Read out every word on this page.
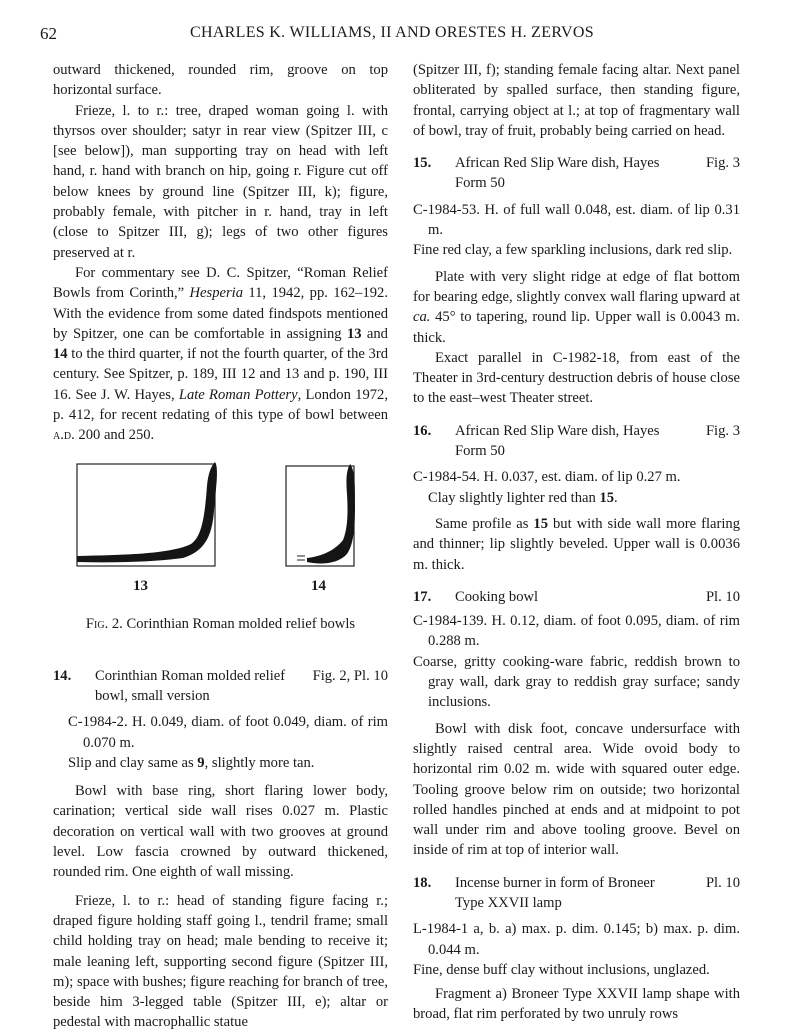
62	CHARLES K. WILLIAMS, II AND ORESTES H. ZERVOS

outward thickened, rounded rim, groove on top horizontal surface.

Frieze, l. to r.: tree, draped woman going l. with thyrsos over shoulder; satyr in rear view (Spitzer III, c [see below]), man supporting tray on head with left hand, r. hand with branch on hip, going r. Figure cut off below knees by ground line (Spitzer III, k); figure, probably female, with pitcher in r. hand, tray in left (close to Spitzer III, g); legs of two other figures preserved at r.

For commentary see D. C. Spitzer, “Roman Relief Bowls from Corinth,” Hesperia 11, 1942, pp. 162–192. With the evidence from some dated findspots mentioned by Spitzer, one can be comfortable in assigning 13 and 14 to the third quarter, if not the fourth quarter, of the 3rd century. See Spitzer, p. 189, III 12 and 13 and p. 190, III 16. See J. W. Hayes, Late Roman Pottery, London 1972, p. 412, for recent redating of this type of bowl between a.d. 200 and 250.

13	14
Fig. 2. Corinthian Roman molded relief bowls
14. Corinthian Roman molded relief bowl, small version
Fig. 2, Pl. 10

C-1984-2. H. 0.049, diam. of foot 0.049, diam. of rim 0.070 m.

Slip and clay same as 9, slightly more tan.

Bowl with base ring, short flaring lower body, carination; vertical side wall rises 0.027 m. Plastic decoration on vertical wall with two grooves at ground level. Low fascia crowned by outward thickened, rounded rim. One eighth of wall missing.

Frieze, l. to r.: head of standing figure facing r.; draped figure holding staff going l., tendril frame; small child holding tray on head; male bending to receive it; male leaning left, supporting second figure (Spitzer III, m); space with bushes; figure reaching for branch of tree, beside him 3-legged table (Spitzer III, e); altar or pedestal with macrophallic statue

(Spitzer III, f); standing female facing altar. Next panel obliterated by spalled surface, then standing figure, frontal, carrying object at l.; at top of fragmentary wall of bowl, tray of fruit, probably being carried on head.

15. African Red Slip Ware dish, Hayes Form 50
Fig. 3

C-1984-53. H. of full wall 0.048, est. diam. of lip 0.31 m.

Fine red clay, a few sparkling inclusions, dark red slip.

Plate with very slight ridge at edge of flat bottom for bearing edge, slightly convex wall flaring upward at ca. 45° to tapering, round lip. Upper wall is 0.0043 m. thick.

Exact parallel in C-1982-18, from east of the Theater in 3rd-century destruction debris of house close to the east–west Theater street.

16. African Red Slip Ware dish, Hayes Form 50
Fig. 3

C-1984-54. H. 0.037, est. diam. of lip 0.27 m.

Clay slightly lighter red than 15.

Same profile as 15 but with side wall more flaring and thinner; lip slightly beveled. Upper wall is 0.0036 m. thick.

17. Cooking bowl	Pl. 10

C-1984-139. H. 0.12, diam. of foot 0.095, diam. of rim 0.288 m.

Coarse, gritty cooking-ware fabric, reddish brown to gray wall, dark gray to reddish gray surface; sandy inclusions.

Bowl with disk foot, concave undersurface with slightly raised central area. Wide ovoid body to horizontal rim 0.02 m. wide with squared outer edge. Tooling groove below rim on outside; two horizontal rolled handles pinched at ends and at midpoint to pot wall under rim and above tooling groove. Bevel on inside of rim at top of interior wall.

18. Incense burner in form of Broneer Type XXVII lamp
Pl. 10

L-1984-1 a, b. a) max. p. dim. 0.145; b) max. p. dim. 0.044 m.

Fine, dense buff clay without inclusions, unglazed.

Fragment a) Broneer Type XXVII lamp shape with broad, flat rim perforated by two unruly rows
